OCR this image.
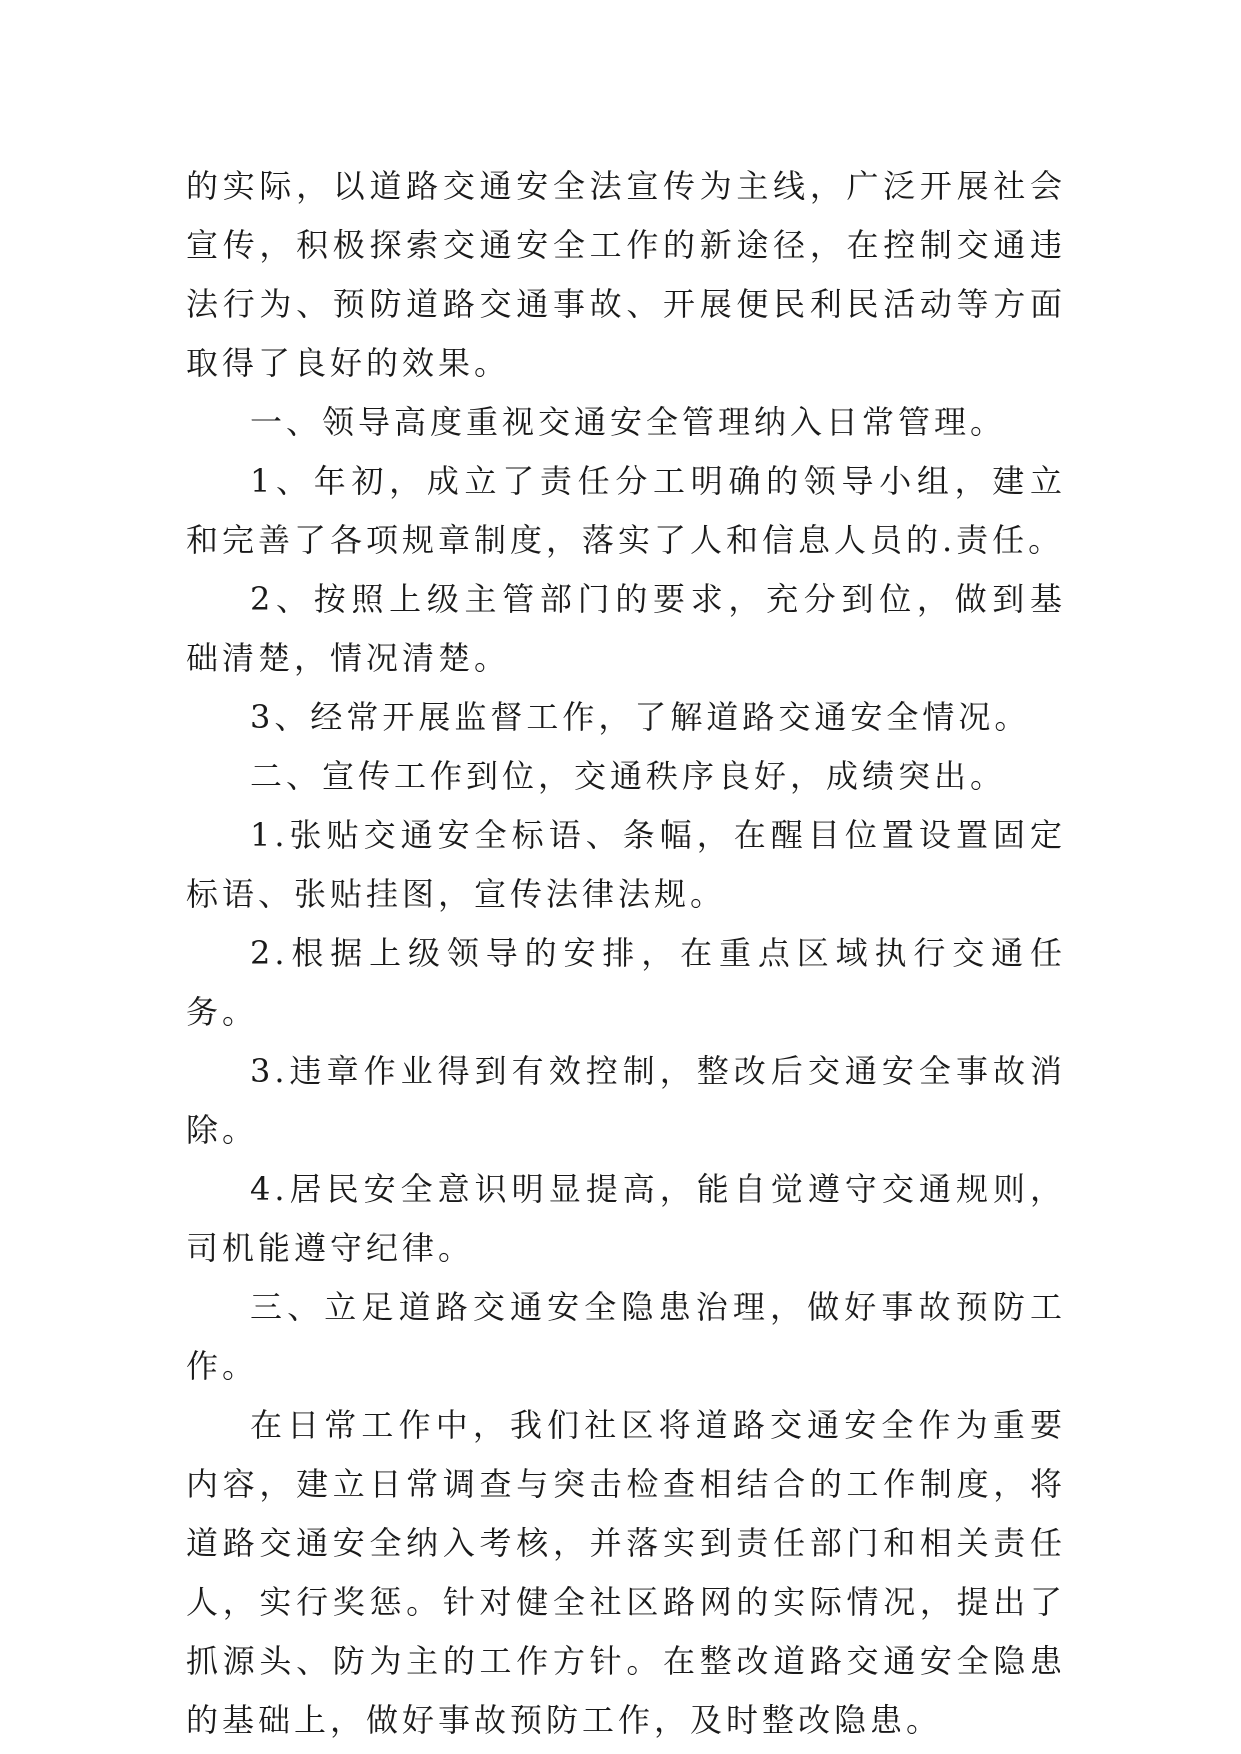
的实际，以道路交通安全法宣传为主线，广泛开展社会宣传，积极探索交通安全工作的新途径，在控制交通违法行为、预防道路交通事故、开展便民利民活动等方面取得了良好的效果。

一、领导高度重视交通安全管理纳入日常管理。

1、年初，成立了责任分工明确的领导小组，建立和完善了各项规章制度，落实了人和信息人员的.责任。

2、按照上级主管部门的要求，充分到位，做到基础清楚，情况清楚。

3、经常开展监督工作，了解道路交通安全情况。

二、宣传工作到位，交通秩序良好，成绩突出。

1.张贴交通安全标语、条幅，在醒目位置设置固定标语、张贴挂图，宣传法律法规。

2.根据上级领导的安排，在重点区域执行交通任务。

3.违章作业得到有效控制，整改后交通安全事故消除。

4.居民安全意识明显提高，能自觉遵守交通规则，司机能遵守纪律。

三、立足道路交通安全隐患治理，做好事故预防工作。

在日常工作中，我们社区将道路交通安全作为重要内容，建立日常调查与突击检查相结合的工作制度，将道路交通安全纳入考核，并落实到责任部门和相关责任人，实行奖惩。针对健全社区路网的实际情况，提出了抓源头、防为主的工作方针。在整改道路交通安全隐患的基础上，做好事故预防工作，及时整改隐患。
